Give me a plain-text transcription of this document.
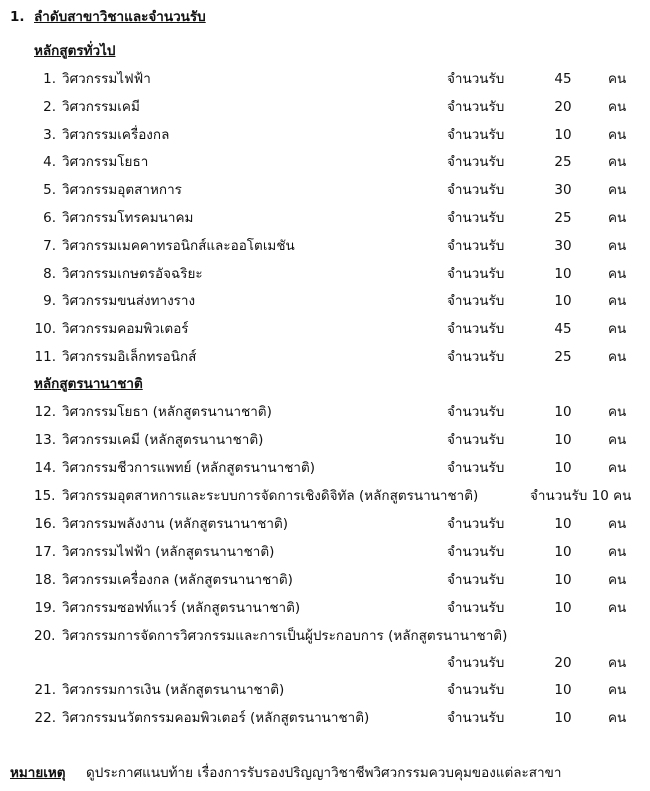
1. ลำดับสาขาวิชาและจำนวนรับ
หลักสูตรทั่วไป
1. วิศวกรรมไฟฟ้า	จำนวนรับ	45	คน
2. วิศวกรรมเคมี	จำนวนรับ	20	คน
3. วิศวกรรมเครื่องกล	จำนวนรับ	10	คน
4. วิศวกรรมโยธา	จำนวนรับ	25	คน
5. วิศวกรรมอุตสาหการ	จำนวนรับ	30	คน
6. วิศวกรรมโทรคมนาคม	จำนวนรับ	25	คน
7. วิศวกรรมเมคคาทรอนิกส์และออโตเมชัน	จำนวนรับ	30	คน
8. วิศวกรรมเกษตรอัจฉริยะ	จำนวนรับ	10	คน
9. วิศวกรรมขนส่งทางราง	จำนวนรับ	10	คน
10. วิศวกรรมคอมพิวเตอร์	จำนวนรับ	45	คน
11. วิศวกรรมอิเล็กทรอนิกส์	จำนวนรับ	25	คน
หลักสูตรนานาชาติ
12. วิศวกรรมโยธา (หลักสูตรนานาชาติ)	จำนวนรับ	10	คน
13. วิศวกรรมเคมี (หลักสูตรนานาชาติ)	จำนวนรับ	10	คน
14. วิศวกรรมชีวการแพทย์ (หลักสูตรนานาชาติ)	จำนวนรับ	10	คน
15. วิศวกรรมอุตสาหการและระบบการจัดการเชิงดิจิทัล (หลักสูตรนานาชาติ)	จำนวนรับ 10 คน
16. วิศวกรรมพลังงาน (หลักสูตรนานาชาติ)	จำนวนรับ	10	คน
17. วิศวกรรมไฟฟ้า (หลักสูตรนานาชาติ)	จำนวนรับ	10	คน
18. วิศวกรรมเครื่องกล (หลักสูตรนานาชาติ)	จำนวนรับ	10	คน
19. วิศวกรรมซอฟท์แวร์ (หลักสูตรนานาชาติ)	จำนวนรับ	10	คน
20. วิศวกรรมการจัดการวิศวกรรมและการเป็นผู้ประกอบการ (หลักสูตรนานาชาติ)
จำนวนรับ	20	คน
21. วิศวกรรมการเงิน (หลักสูตรนานาชาติ)	จำนวนรับ	10	คน
22. วิศวกรรมนวัตกรรมคอมพิวเตอร์ (หลักสูตรนานาชาติ)	จำนวนรับ	10	คน
หมายเหตุ ดูประกาศแนบท้าย เรื่องการรับรองปริญญาวิชาชีพวิศวกรรมควบคุมของแต่ละสาขา
